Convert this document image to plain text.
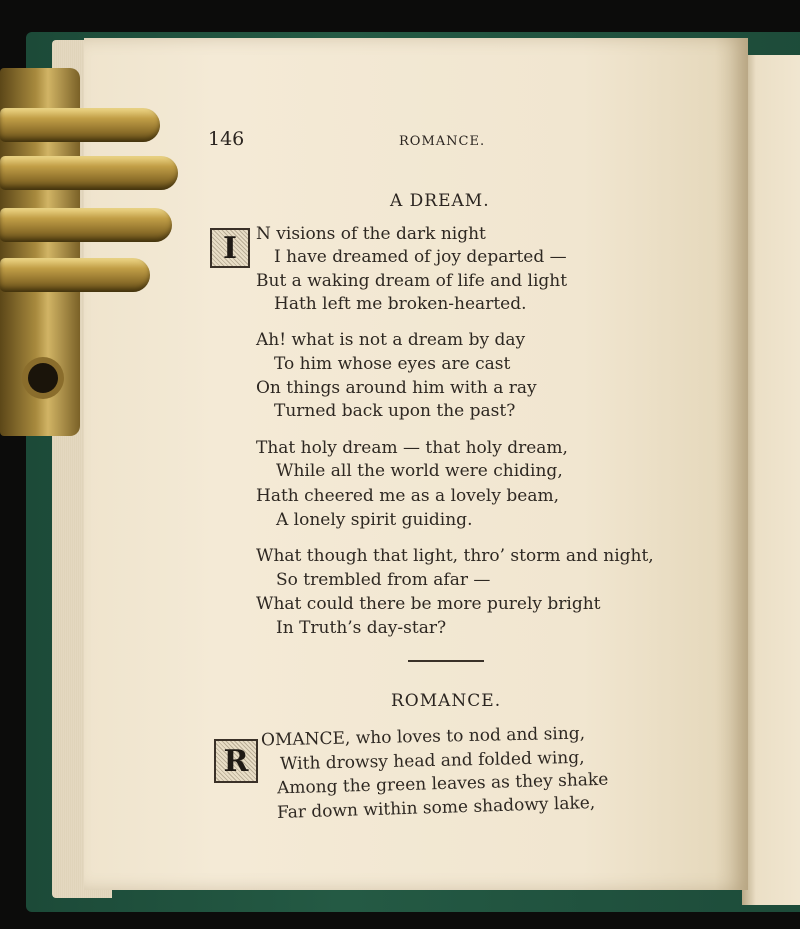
146	ROMANCE.
A DREAM.
I	N visions of the dark night
I have dreamed of joy departed —
But a waking dream of life and light
Hath left me broken-hearted.
Ah! what is not a dream by day
To him whose eyes are cast
On things around him with a ray
Turned back upon the past?
That holy dream — that holy dream,
While all the world were chiding,
Hath cheered me as a lovely beam,
A lonely spirit guiding.
What though that light, thro’ storm and night,
So trembled from afar —
What could there be more purely bright
In Truth’s day-star?
ROMANCE.
R
OMANCE, who loves to nod and sing,
With drowsy head and folded wing,
Among the green leaves as they shake
Far down within some shadowy lake,
